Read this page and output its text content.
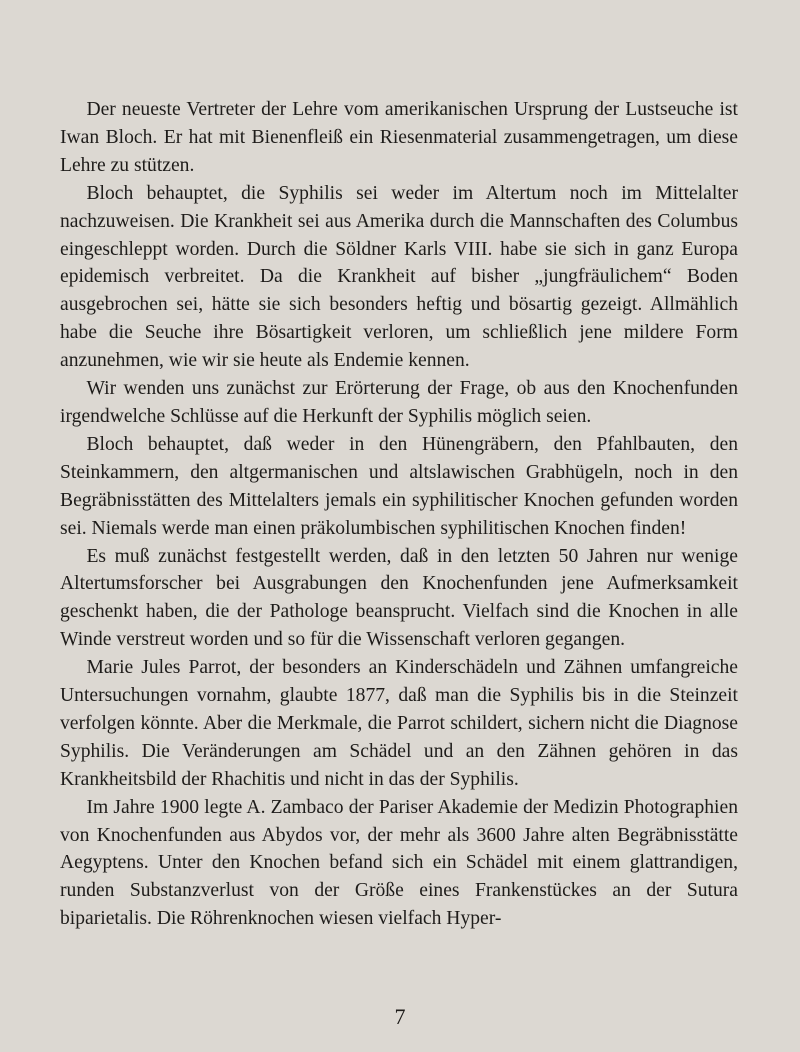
Der neueste Vertreter der Lehre vom amerikanischen Ursprung der Lustseuche ist Iwan Bloch. Er hat mit Bienenfleiß ein Riesenmaterial zusammengetragen, um diese Lehre zu stützen.

Bloch behauptet, die Syphilis sei weder im Altertum noch im Mittelalter nachzuweisen. Die Krankheit sei aus Amerika durch die Mannschaften des Columbus eingeschleppt worden. Durch die Söldner Karls VIII. habe sie sich in ganz Europa epidemisch verbreitet. Da die Krankheit auf bisher „jungfräulichem“ Boden ausgebrochen sei, hätte sie sich besonders heftig und bösartig gezeigt. Allmählich habe die Seuche ihre Bösartigkeit verloren, um schließlich jene mildere Form anzunehmen, wie wir sie heute als Endemie kennen.

Wir wenden uns zunächst zur Erörterung der Frage, ob aus den Knochenfunden irgendwelche Schlüsse auf die Herkunft der Syphilis möglich seien.

Bloch behauptet, daß weder in den Hünengräbern, den Pfahlbauten, den Steinkammern, den altgermanischen und altslawischen Grabhügeln, noch in den Begräbnisstätten des Mittelalters jemals ein syphilitischer Knochen gefunden worden sei. Niemals werde man einen präkolumbischen syphilitischen Knochen finden!

Es muß zunächst festgestellt werden, daß in den letzten 50 Jahren nur wenige Altertumsforscher bei Ausgrabungen den Knochenfunden jene Aufmerksamkeit geschenkt haben, die der Pathologe beansprucht. Vielfach sind die Knochen in alle Winde verstreut worden und so für die Wissenschaft verloren gegangen.

Marie Jules Parrot, der besonders an Kinderschädeln und Zähnen umfangreiche Untersuchungen vornahm, glaubte 1877, daß man die Syphilis bis in die Steinzeit verfolgen könnte. Aber die Merkmale, die Parrot schildert, sichern nicht die Diagnose Syphilis. Die Veränderungen am Schädel und an den Zähnen gehören in das Krankheitsbild der Rhachitis und nicht in das der Syphilis.

Im Jahre 1900 legte A. Zambaco der Pariser Akademie der Medizin Photographien von Knochenfunden aus Abydos vor, der mehr als 3600 Jahre alten Begräbnisstätte Aegyptens. Unter den Knochen befand sich ein Schädel mit einem glattrandigen, runden Substanzverlust von der Größe eines Frankenstückes an der Sutura biparietalis. Die Röhrenknochen wiesen vielfach Hyper-

7
